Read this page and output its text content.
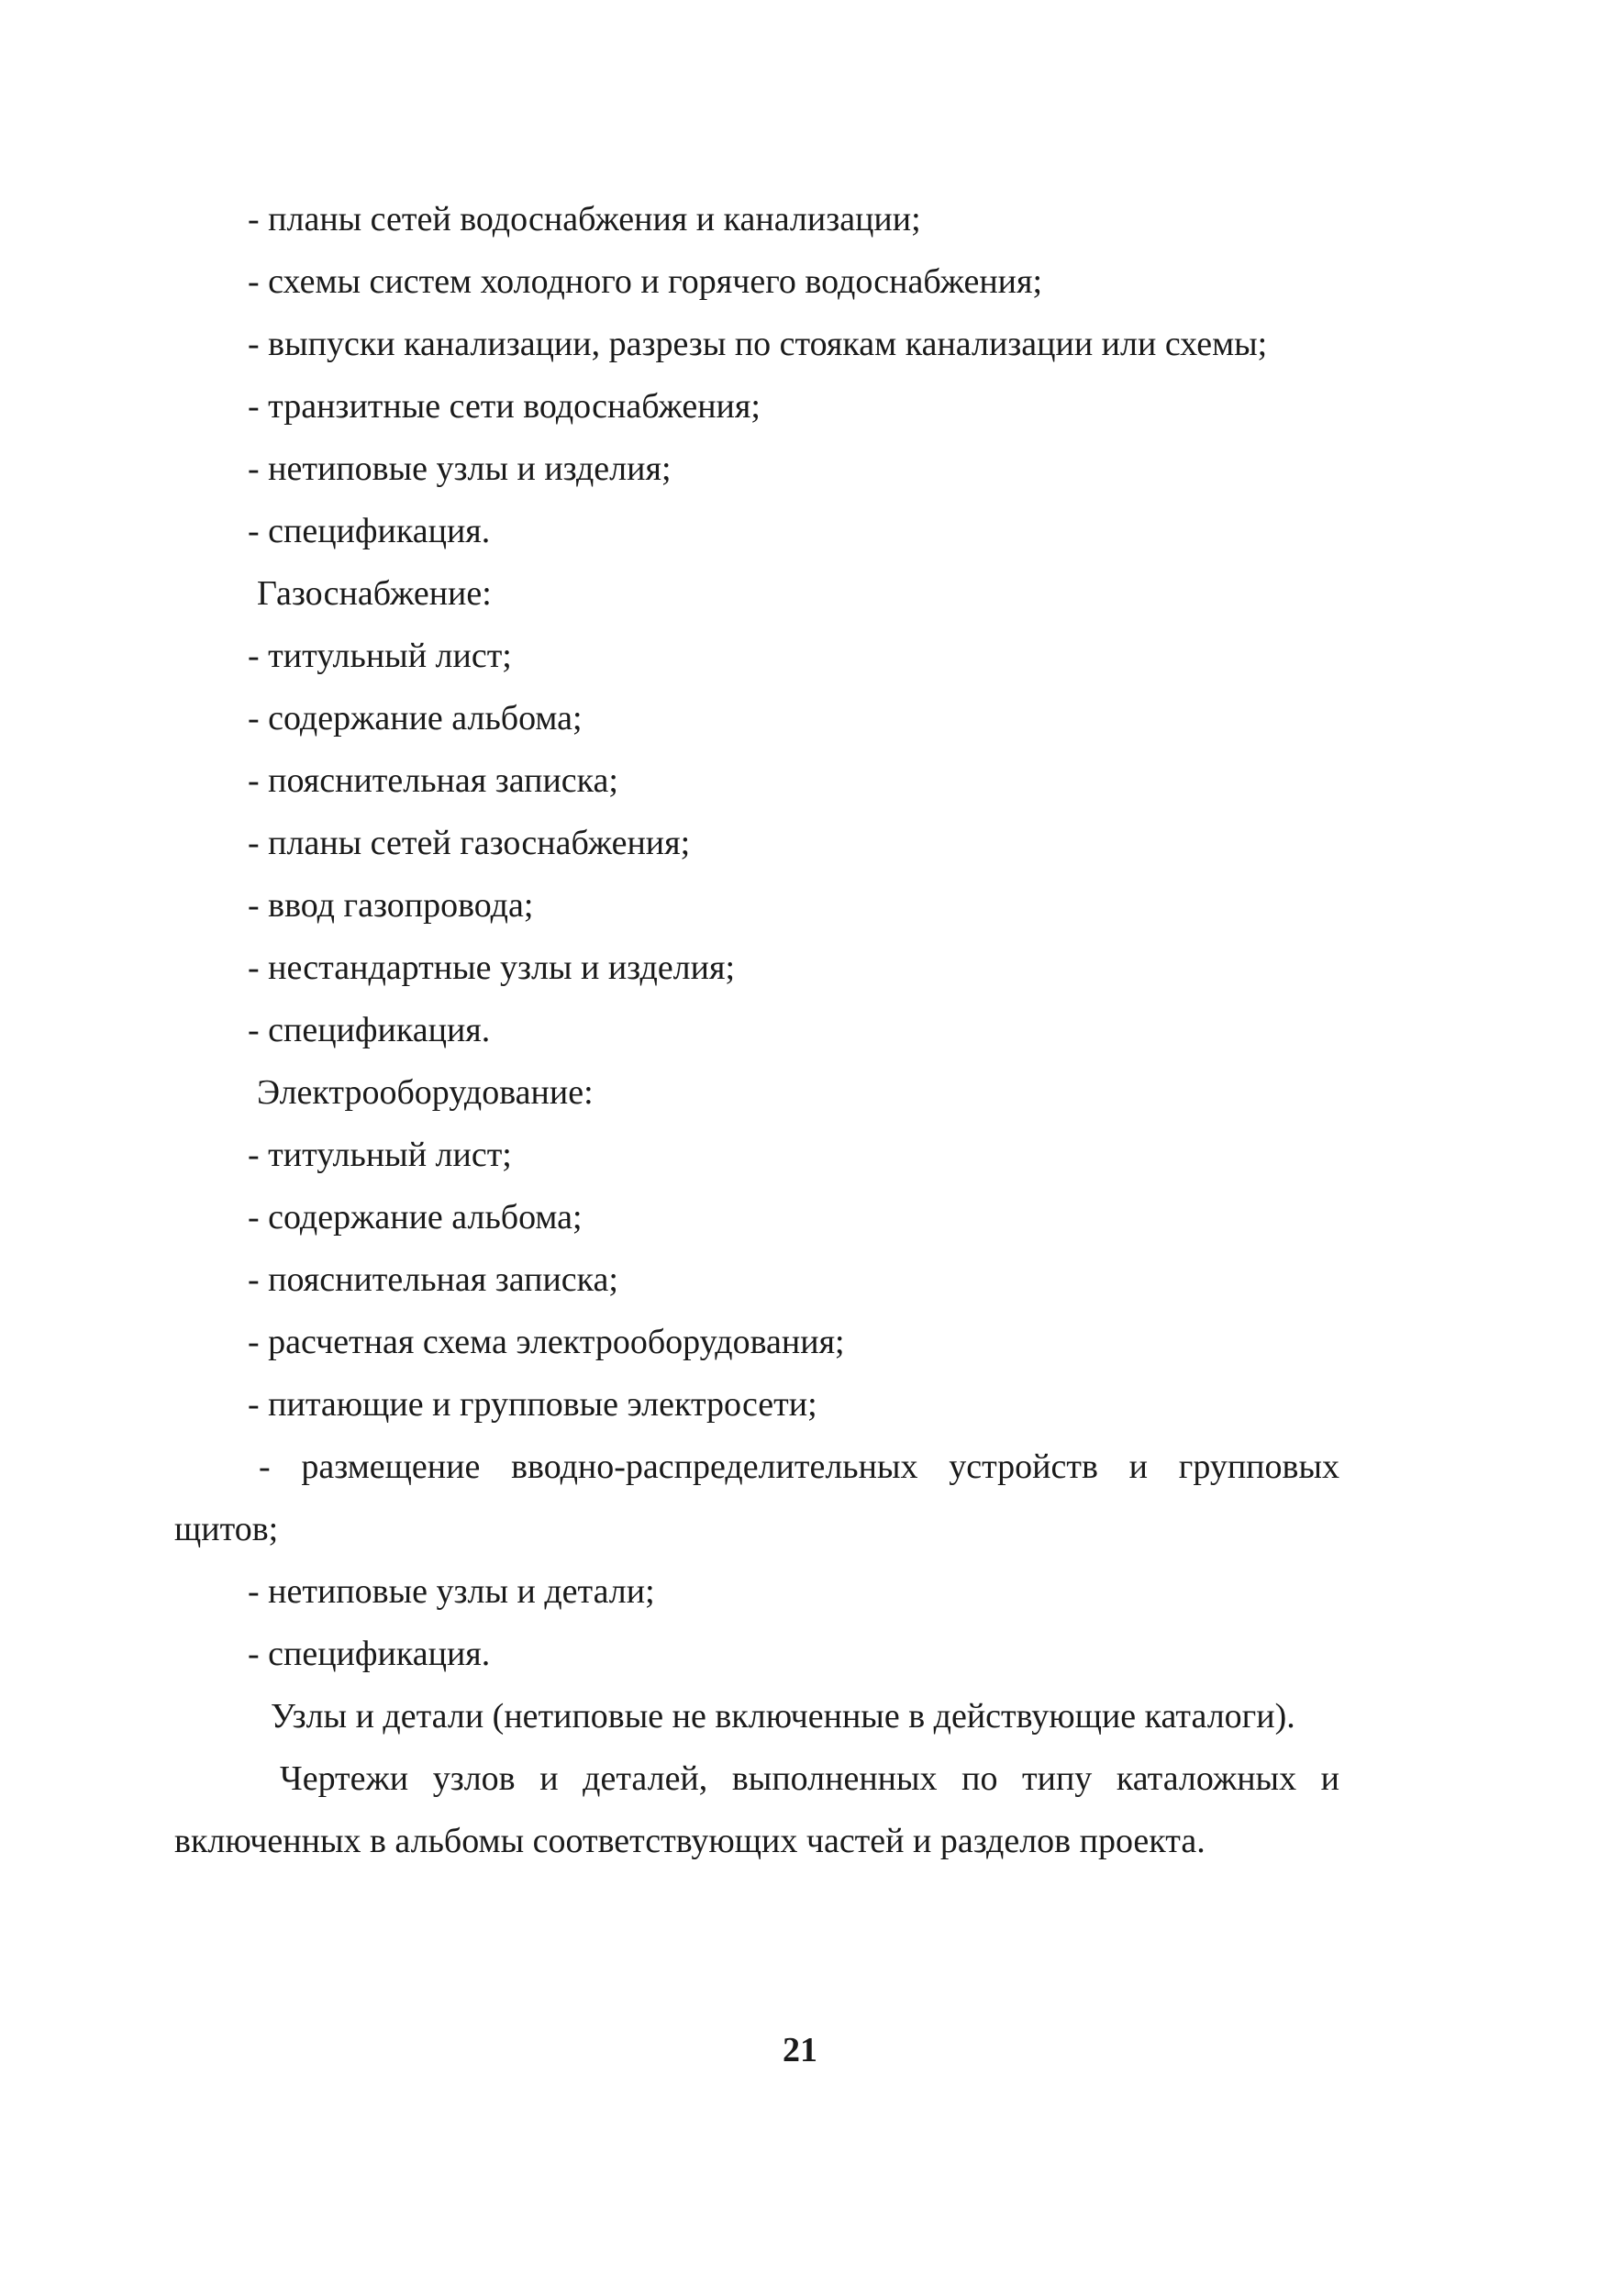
- планы сетей водоснабжения и канализации;
- схемы систем холодного и горячего водоснабжения;
- выпуски канализации, разрезы по стоякам канализации или схемы;
- транзитные сети водоснабжения;
- нетиповые узлы и изделия;
- спецификация.
Газоснабжение:
- титульный лист;
- содержание альбома;
- пояснительная записка;
- планы сетей газоснабжения;
- ввод газопровода;
- нестандартные узлы и изделия;
- спецификация.
Электрооборудование:
- титульный лист;
- содержание альбома;
- пояснительная записка;
- расчетная схема электрооборудования;
- питающие и групповые электросети;
- размещение вводно-распределительных устройств и групповых
щитов;
- нетиповые узлы и детали;
- спецификация.
Узлы и детали (нетиповые не включенные в действующие каталоги).
Чертежи узлов и деталей, выполненных по типу каталожных и
включенных в альбомы соответствующих частей и разделов проекта.
21
